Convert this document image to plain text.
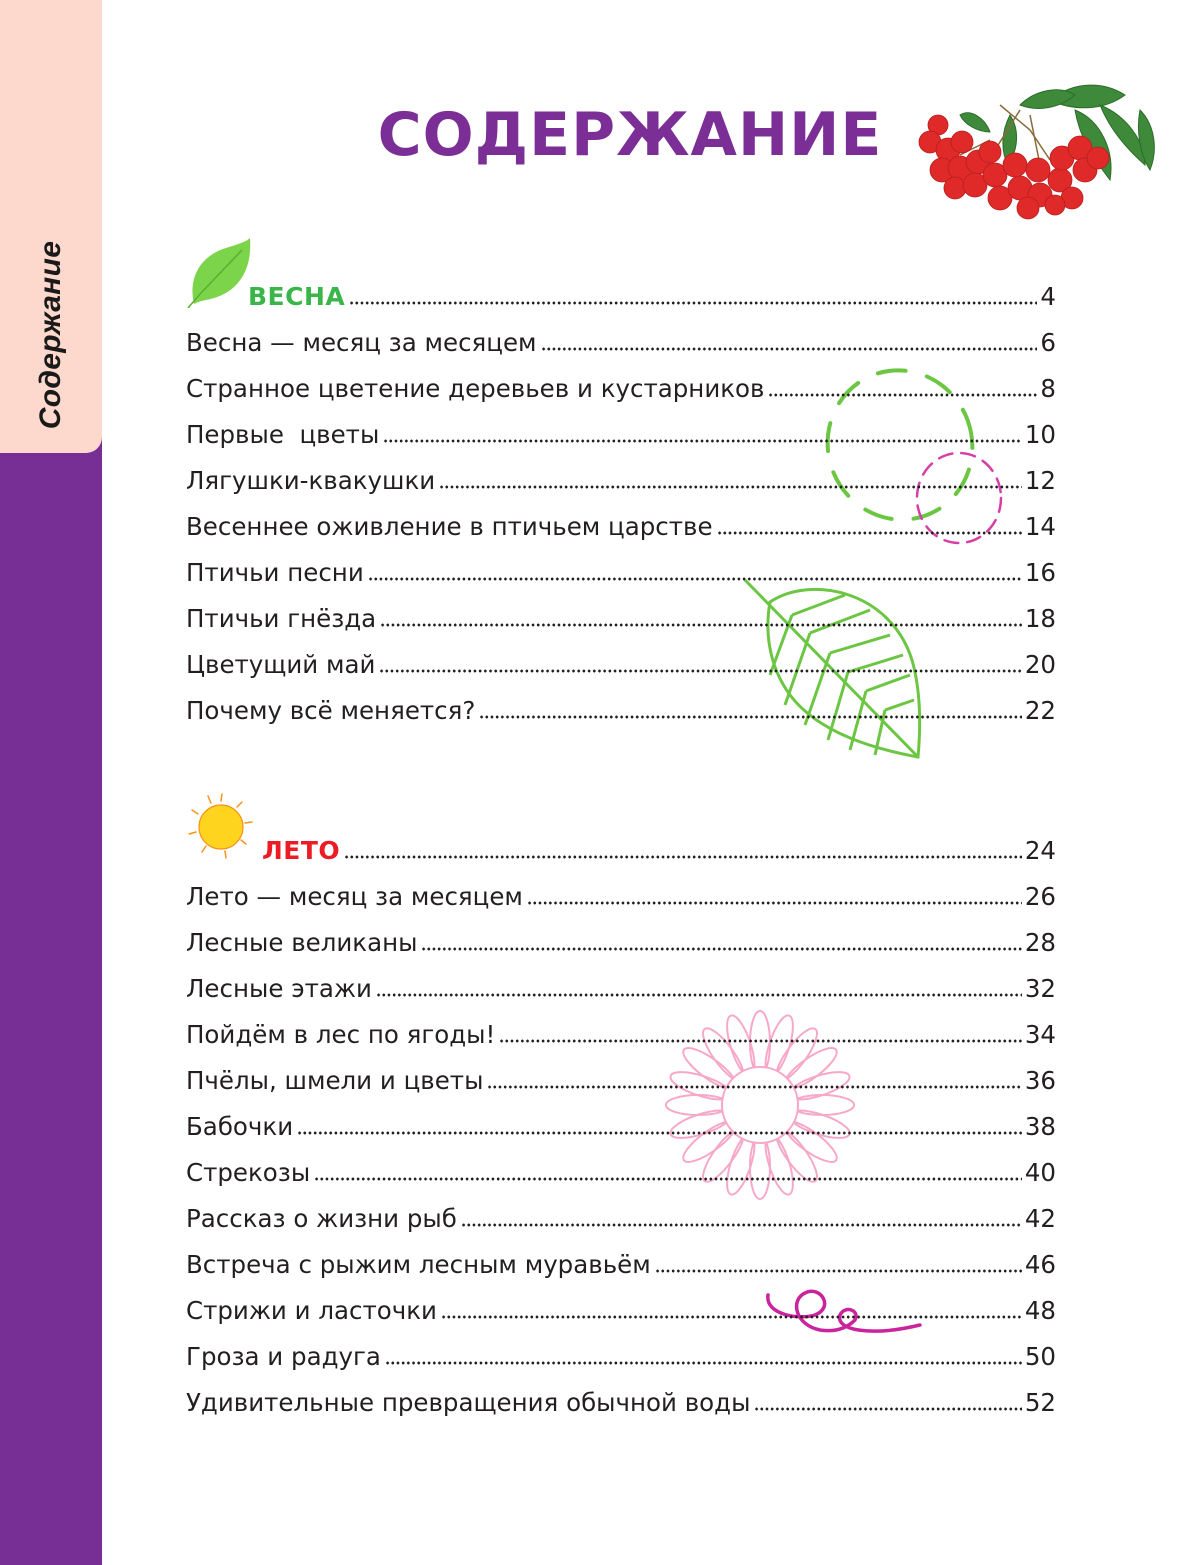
Содержание
СОДЕРЖАНИЕ
ВЕСНА	4
Весна — месяц за месяцем	6
Странное цветение деревьев и кустарников	8
Первые  цветы	10
Лягушки-квакушки	12
Весеннее оживление в птичьем царстве	14
Птичьи песни	16
Птичьи гнёзда	18
Цветущий май	20
Почему всё меняется?	22
ЛЕТО	24
Лето — месяц за месяцем	26
Лесные великаны	28
Лесные этажи	32
Пойдём в лес по ягоды!	34
Пчёлы, шмели и цветы	36
Бабочки	38
Стрекозы	40
Рассказ о жизни рыб	42
Встреча с рыжим лесным муравьём	46
Стрижи и ласточки	48
Гроза и радуга	50
Удивительные превращения обычной воды	52
